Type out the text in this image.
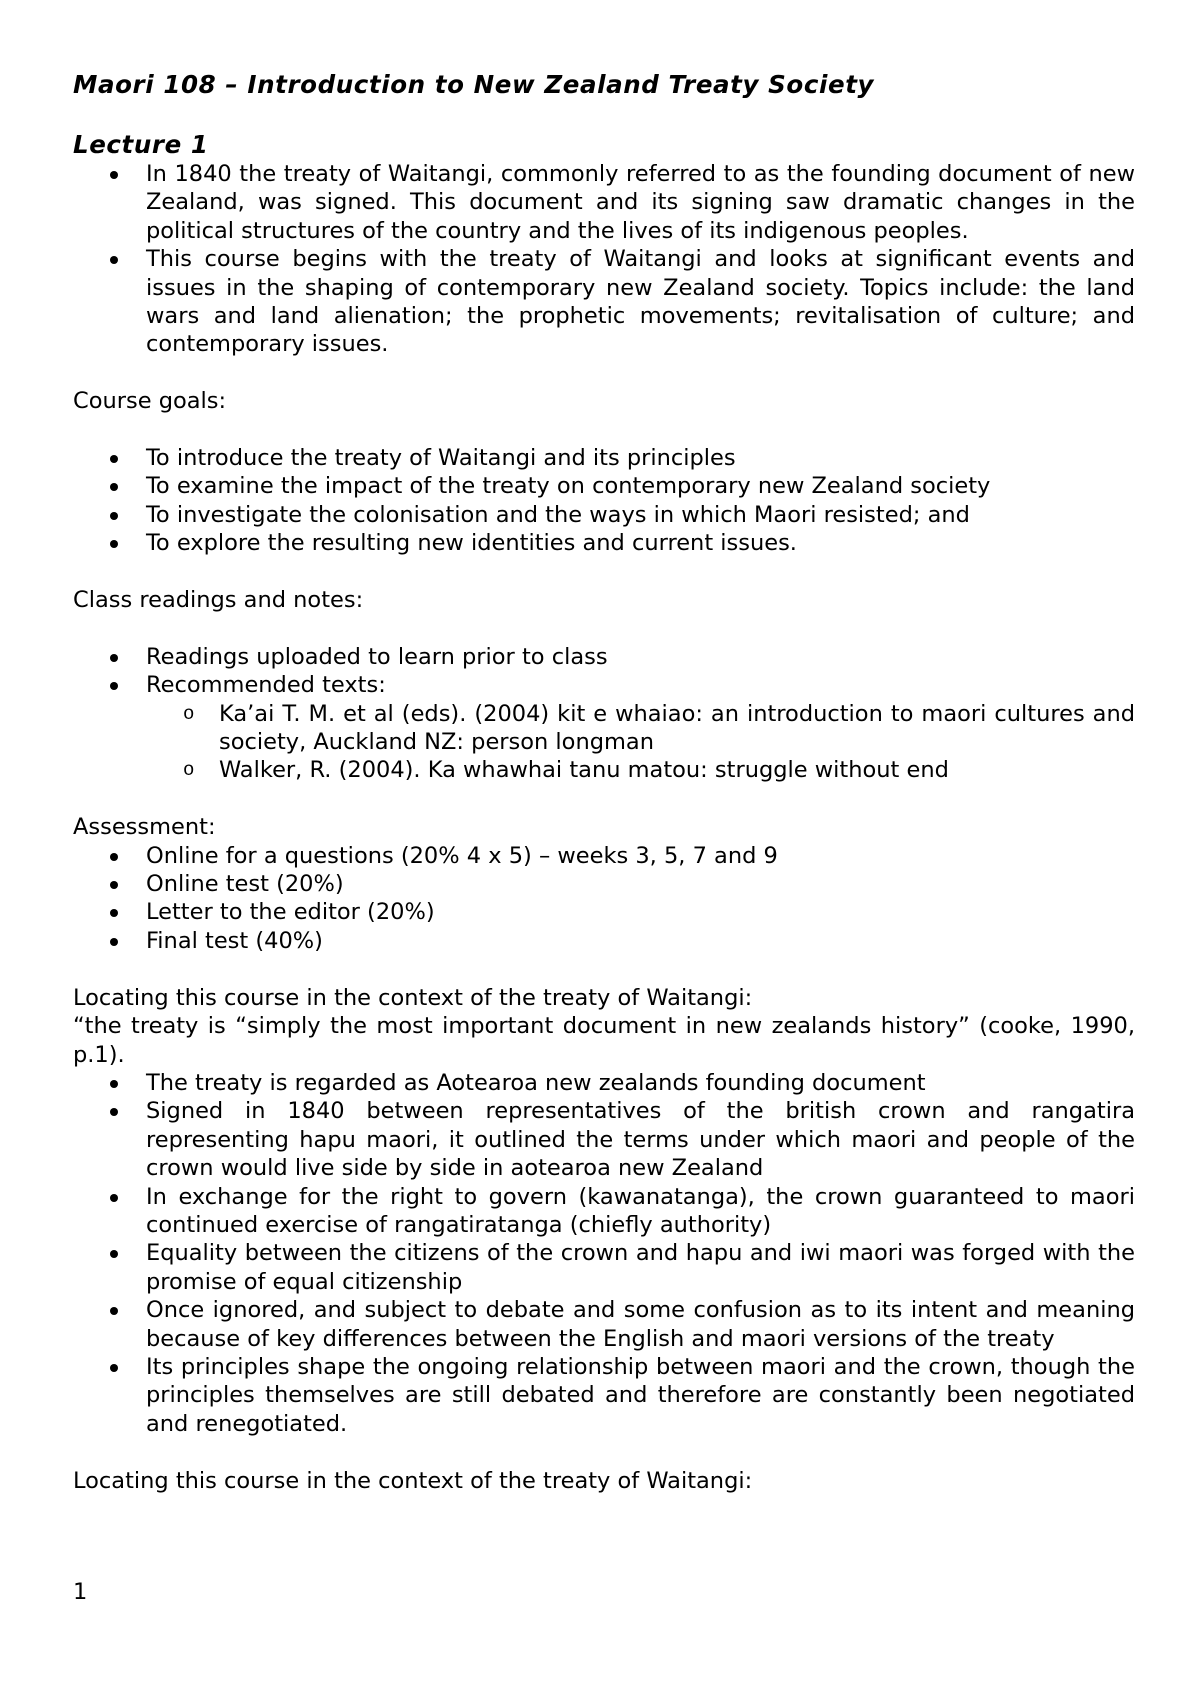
Maori 108 – Introduction to New Zealand Treaty Society
Lecture 1
In 1840 the treaty of Waitangi, commonly referred to as the founding document of new Zealand, was signed. This document and its signing saw dramatic changes in the political structures of the country and the lives of its indigenous peoples.
This course begins with the treaty of Waitangi and looks at significant events and issues in the shaping of contemporary new Zealand society. Topics include: the land wars and land alienation; the prophetic movements; revitalisation of culture; and contemporary issues.

Course goals:

To introduce the treaty of Waitangi and its principles
To examine the impact of the treaty on contemporary new Zealand society
To investigate the colonisation and the ways in which Maori resisted; and
To explore the resulting new identities and current issues.

Class readings and notes:

Readings uploaded to learn prior to class
Recommended texts:
o Ka’ai T. M. et al (eds). (2004) kit e whaiao: an introduction to maori cultures and society, Auckland NZ: person longman
o Walker, R. (2004). Ka whawhai tanu matou: struggle without end

Assessment:

Online for a questions (20% 4 x 5) – weeks 3, 5, 7 and 9
Online test (20%)
Letter to the editor (20%)
Final test (40%)

Locating this course in the context of the treaty of Waitangi:

“the treaty is “simply the most important document in new zealands history” (cooke, 1990, p.1).

The treaty is regarded as Aotearoa new zealands founding document
Signed in 1840 between representatives of the british crown and rangatira representing hapu maori, it outlined the terms under which maori and people of the crown would live side by side in aotearoa new Zealand
In exchange for the right to govern (kawanatanga), the crown guaranteed to maori continued exercise of rangatiratanga (chiefly authority)
Equality between the citizens of the crown and hapu and iwi maori was forged with the promise of equal citizenship
Once ignored, and subject to debate and some confusion as to its intent and meaning because of key differences between the English and maori versions of the treaty
Its principles shape the ongoing relationship between maori and the crown, though the principles themselves are still debated and therefore are constantly been negotiated and renegotiated.

Locating this course in the context of the treaty of Waitangi:

1
